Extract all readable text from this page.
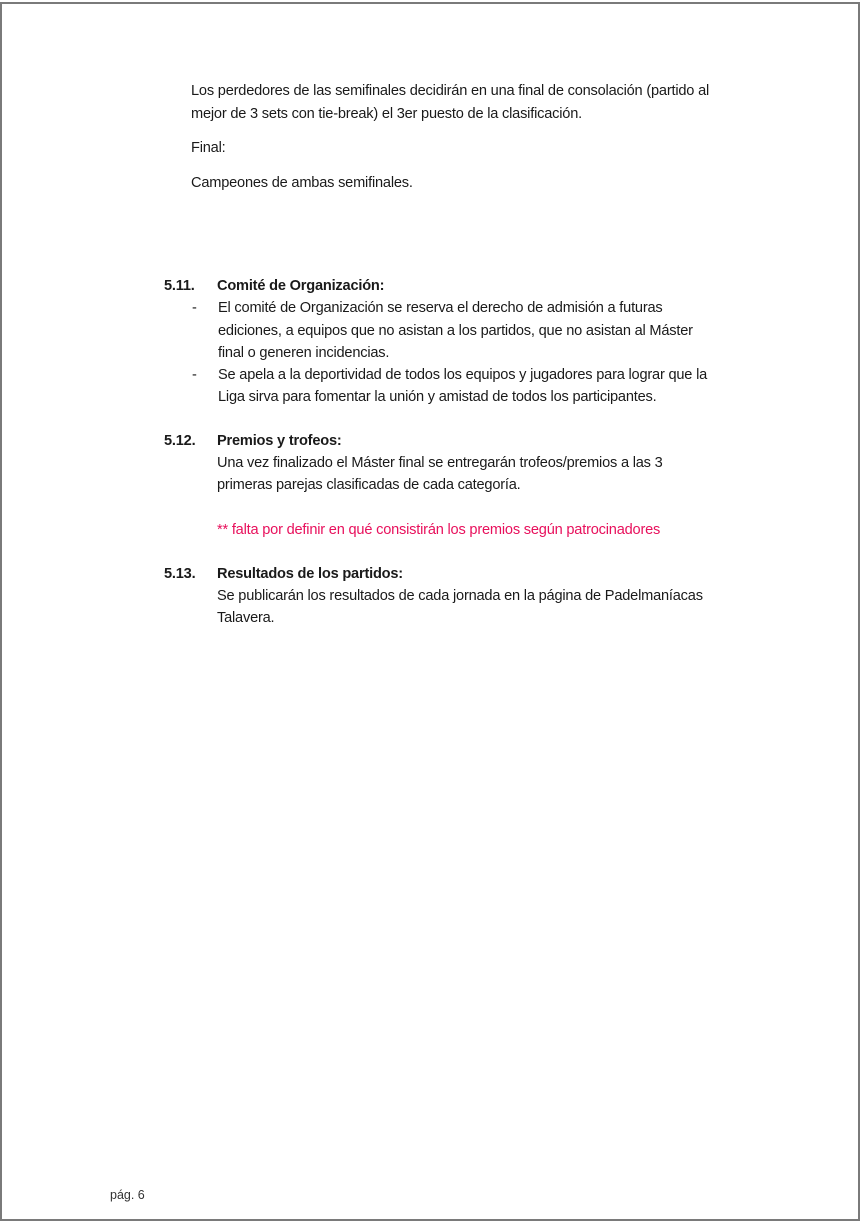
Los perdedores de las semifinales decidirán en una final de consolación (partido al
mejor de 3 sets con tie-break) el 3er puesto de la clasificación.
Final:
Campeones de ambas semifinales.
5.11. Comité de Organización:
- El comité de Organización se reserva el derecho de admisión a futuras
ediciones, a equipos que no asistan a los partidos, que no asistan al Máster
final o generen incidencias.
- Se apela a la deportividad de todos los equipos y jugadores para lograr que la
Liga sirva para fomentar la unión y amistad de todos los participantes.
5.12. Premios y trofeos:
Una vez finalizado el Máster final se entregarán trofeos/premios a las 3
primeras parejas clasificadas de cada categoría.
** falta por definir en qué consistirán los premios según patrocinadores
5.13. Resultados de los partidos:
Se publicarán los resultados de cada jornada en la página de Padelmaníacas
Talavera.
pág. 6
